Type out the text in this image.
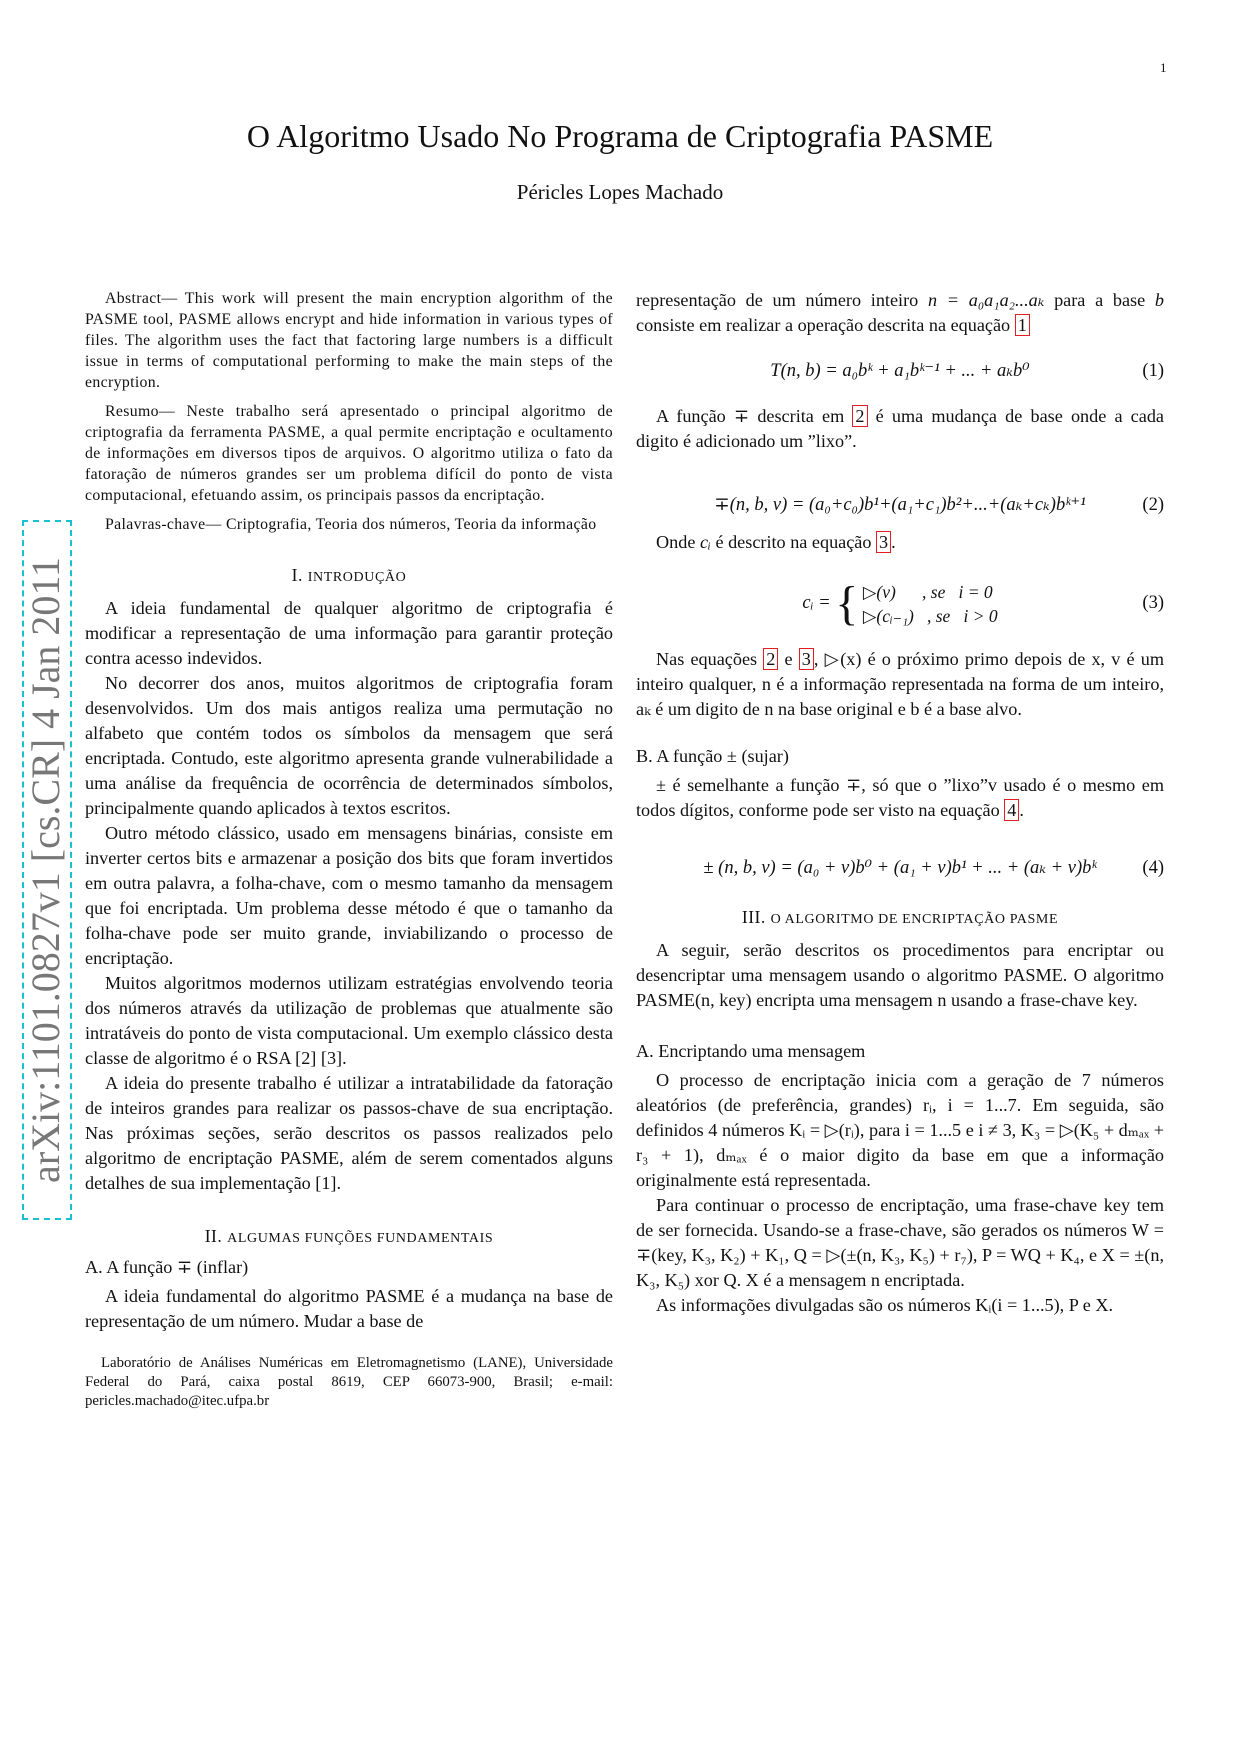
1
O Algoritmo Usado No Programa de Criptografia PASME
Péricles Lopes Machado
arXiv:1101.0827v1 [cs.CR] 4 Jan 2011

Abstract— This work will present the main encryption algorithm of the PASME tool, PASME allows encrypt and hide information in various types of files. The algorithm uses the fact that factoring large numbers is a difficult issue in terms of computational performing to make the main steps of the encryption.

Resumo— Neste trabalho será apresentado o principal algoritmo de criptografia da ferramenta PASME, a qual permite encriptação e ocultamento de informações em diversos tipos de arquivos. O algoritmo utiliza o fato da fatoração de números grandes ser um problema difícil do ponto de vista computacional, efetuando assim, os principais passos da encriptação.

Palavras-chave— Criptografia, Teoria dos números, Teoria da informação

I. INTRODUÇÃO

A ideia fundamental de qualquer algoritmo de criptografia é modificar a representação de uma informação para garantir proteção contra acesso indevidos.

No decorrer dos anos, muitos algoritmos de criptografia foram desenvolvidos. Um dos mais antigos realiza uma permutação no alfabeto que contém todos os símbolos da mensagem que será encriptada. Contudo, este algoritmo apresenta grande vulnerabilidade a uma análise da frequência de ocorrência de determinados símbolos, principalmente quando aplicados à textos escritos.

Outro método clássico, usado em mensagens binárias, consiste em inverter certos bits e armazenar a posição dos bits que foram invertidos em outra palavra, a folha-chave, com o mesmo tamanho da mensagem que foi encriptada. Um problema desse método é que o tamanho da folha-chave pode ser muito grande, inviabilizando o processo de encriptação.

Muitos algoritmos modernos utilizam estratégias envolvendo teoria dos números através da utilização de problemas que atualmente são intratáveis do ponto de vista computacional. Um exemplo clássico desta classe de algoritmo é o RSA [2] [3].

A ideia do presente trabalho é utilizar a intratabilidade da fatoração de inteiros grandes para realizar os passos-chave de sua encriptação. Nas próximas seções, serão descritos os passos realizados pelo algoritmo de encriptação PASME, além de serem comentados alguns detalhes de sua implementação [1].

II. ALGUMAS FUNÇÕES FUNDAMENTAIS
A. A função ∓ (inflar)

A ideia fundamental do algoritmo PASME é a mudança na base de representação de um número. Mudar a base de

Laboratório de Análises Numéricas em Eletromagnetismo (LANE), Universidade Federal do Pará, caixa postal 8619, CEP 66073-900, Brasil; e-mail: pericles.machado@itec.ufpa.br

representação de um número inteiro n = a₀a₁a₂...aₖ para a base b consiste em realizar a operação descrita na equação 1

T(n, b) = a₀bᵏ + a₁bᵏ⁻¹ + ... + aₖb⁰	(1)

A função ∓ descrita em 2 é uma mudança de base onde a cada digito é adicionado um ”lixo”.

∓(n, b, v) = (a₀+c₀)b¹+(a₁+c₁)b²+...+(aₖ+cₖ)bᵏ⁺¹	(2)

Onde cᵢ é descrito na equação 3 .

cᵢ = { ▷(v)      , se   i = 0
▷(cᵢ₋₁)   , se   i > 0
(3)

Nas equações 2 e 3 , ▷(x) é o próximo primo depois de x, v é um inteiro qualquer, n é a informação representada na forma de um inteiro, aₖ é um digito de n na base original e b é a base alvo.

B. A função ± (sujar)

± é semelhante a função ∓, só que o ”lixo”v usado é o mesmo em todos dígitos, conforme pode ser visto na equação 4 .

± (n, b, v) = (a₀ + v)b⁰ + (a₁ + v)b¹ + ... + (aₖ + v)bᵏ (4)
III. O ALGORITMO DE ENCRIPTAÇÃO PASME

A seguir, serão descritos os procedimentos para encriptar ou desencriptar uma mensagem usando o algoritmo PASME. O algoritmo PASME(n, key) encripta uma mensagem n usando a frase-chave key.

A. Encriptando uma mensagem

O processo de encriptação inicia com a geração de 7 números aleatórios (de preferência, grandes) rᵢ, i = 1...7. Em seguida, são definidos 4 números Kᵢ = ▷(rᵢ), para i = 1...5 e i ≠ 3, K₃ = ▷(K₅ + dₘₐₓ + r₃ + 1), dₘₐₓ é o maior digito da base em que a informação originalmente está representada.

Para continuar o processo de encriptação, uma frase-chave key tem de ser fornecida. Usando-se a frase-chave, são gerados os números W = ∓(key, K₃, K₂) + K₁, Q = ▷(±(n, K₃, K₅) + r₇), P = WQ + K₄, e X = ±(n, K₃, K₅) xor Q. X é a mensagem n encriptada.

As informações divulgadas são os números Kᵢ(i = 1...5), P e X.
